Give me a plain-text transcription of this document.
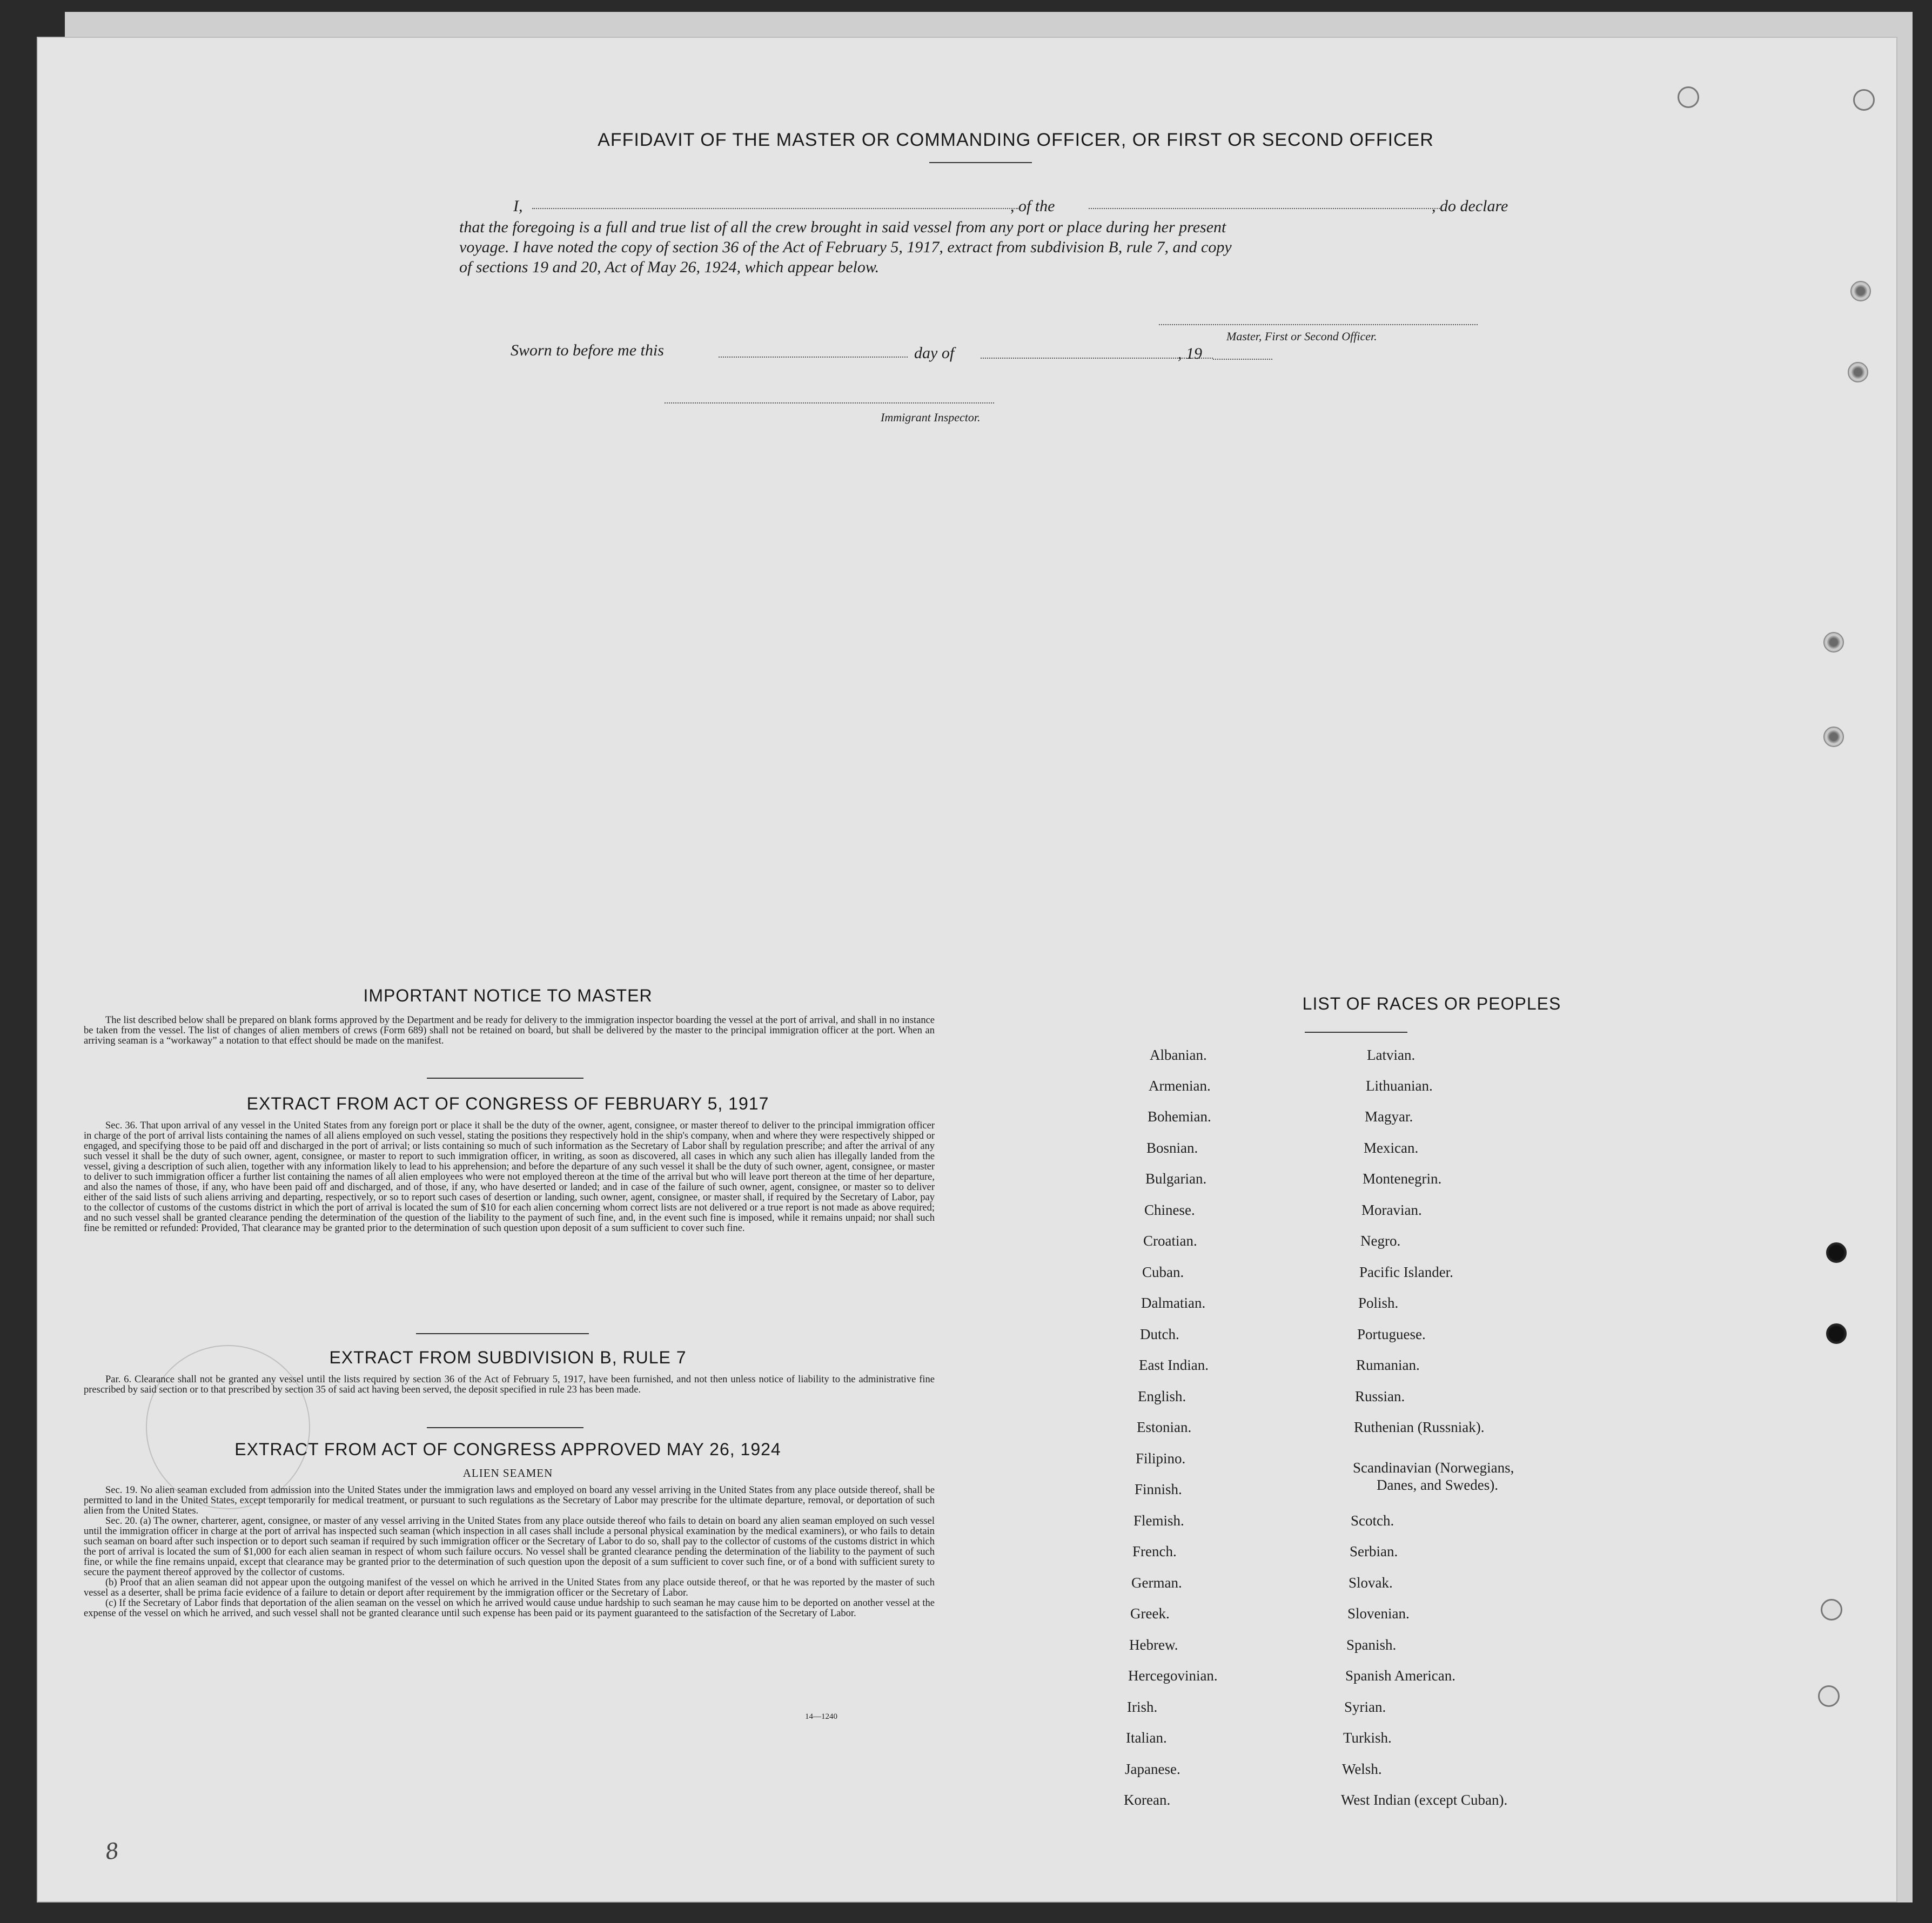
AFFIDAVIT OF THE MASTER OR COMMANDING OFFICER, OR FIRST OR SECOND OFFICER
I,	, of the	, do declare
that the foregoing is a full and true list of all the crew brought in said vessel from any port or place during her present
voyage. I have noted the copy of section 36 of the Act of February 5, 1917, extract from subdivision B, rule 7, and copy
of sections 19 and 20, Act of May 26, 1924, which appear below.
Master, First or Second Officer.
Sworn to before me this	day of	, 19
Immigrant Inspector.
IMPORTANT NOTICE TO MASTER

The list described below shall be prepared on blank forms approved by the Department and be ready for delivery to the immigration inspector boarding the vessel at the port of arrival, and shall in no instance be taken from the vessel. The list of changes of alien members of crews (Form 689) shall not be retained on board, but shall be delivered by the master to the principal immigration officer at the port. When an arriving seaman is a “workaway” a notation to that effect should be made on the manifest.

EXTRACT FROM ACT OF CONGRESS OF FEBRUARY 5, 1917

Sec. 36. That upon arrival of any vessel in the United States from any foreign port or place it shall be the duty of the owner, agent, consignee, or master thereof to deliver to the principal immigration officer in charge of the port of arrival lists containing the names of all aliens employed on such vessel, stating the positions they respectively hold in the ship's company, when and where they were respectively shipped or engaged, and specifying those to be paid off and discharged in the port of arrival; or lists containing so much of such information as the Secretary of Labor shall by regulation prescribe; and after the arrival of any such vessel it shall be the duty of such owner, agent, consignee, or master to report to such immigration officer, in writing, as soon as discovered, all cases in which any such alien has illegally landed from the vessel, giving a description of such alien, together with any information likely to lead to his apprehension; and before the departure of any such vessel it shall be the duty of such owner, agent, consignee, or master to deliver to such immigration officer a further list containing the names of all alien employees who were not employed thereon at the time of the arrival but who will leave port thereon at the time of her departure, and also the names of those, if any, who have been paid off and discharged, and of those, if any, who have deserted or landed; and in case of the failure of such owner, agent, consignee, or master so to deliver either of the said lists of such aliens arriving and departing, respectively, or so to report such cases of desertion or landing, such owner, agent, consignee, or master shall, if required by the Secretary of Labor, pay to the collector of customs of the customs district in which the port of arrival is located the sum of $10 for each alien concerning whom correct lists are not delivered or a true report is not made as above required; and no such vessel shall be granted clearance pending the determination of the question of the liability to the payment of such fine, and, in the event such fine is imposed, while it remains unpaid; nor shall such fine be remitted or refunded: Provided, That clearance may be granted prior to the determination of such question upon deposit of a sum sufficient to cover such fine.

EXTRACT FROM SUBDIVISION B, RULE 7

Par. 6. Clearance shall not be granted any vessel until the lists required by section 36 of the Act of February 5, 1917, have been furnished, and not then unless notice of liability to the administrative fine prescribed by said section or to that prescribed by section 35 of said act having been served, the deposit specified in rule 23 has been made.

EXTRACT FROM ACT OF CONGRESS APPROVED MAY 26, 1924
ALIEN SEAMEN

Sec. 19. No alien seaman excluded from admission into the United States under the immigration laws and employed on board any vessel arriving in the United States from any place outside thereof, shall be permitted to land in the United States, except temporarily for medical treatment, or pursuant to such regulations as the Secretary of Labor may prescribe for the ultimate departure, removal, or deportation of such alien from the United States.

Sec. 20. (a) The owner, charterer, agent, consignee, or master of any vessel arriving in the United States from any place outside thereof who fails to detain on board any alien seaman employed on such vessel until the immigration officer in charge at the port of arrival has inspected such seaman (which inspection in all cases shall include a personal physical examination by the medical examiners), or who fails to detain such seaman on board after such inspection or to deport such seaman if required by such immigration officer or the Secretary of Labor to do so, shall pay to the collector of customs of the customs district in which the port of arrival is located the sum of $1,000 for each alien seaman in respect of whom such failure occurs. No vessel shall be granted clearance pending the determination of the liability to the payment of such fine, or while the fine remains unpaid, except that clearance may be granted prior to the determination of such question upon the deposit of a sum sufficient to cover such fine, or of a bond with sufficient surety to secure the payment thereof approved by the collector of customs.

(b) Proof that an alien seaman did not appear upon the outgoing manifest of the vessel on which he arrived in the United States from any place outside thereof, or that he was reported by the master of such vessel as a deserter, shall be prima facie evidence of a failure to detain or deport after requirement by the immigration officer or the Secretary of Labor.

(c) If the Secretary of Labor finds that deportation of the alien seaman on the vessel on which he arrived would cause undue hardship to such seaman he may cause him to be deported on another vessel at the expense of the vessel on which he arrived, and such vessel shall not be granted clearance until such expense has been paid or its payment guaranteed to the satisfaction of the Secretary of Labor.

14—1240
LIST OF RACES OR PEOPLES
Albanian.
Armenian.
Bohemian.
Bosnian.
Bulgarian.
Chinese.
Croatian.
Cuban.
Dalmatian.
Dutch.
East Indian.
English.
Estonian.
Filipino.
Finnish.
Flemish.
French.
German.
Greek.
Hebrew.
Hercegovinian.
Irish.
Italian.
Japanese.
Korean.
Latvian.
Lithuanian.
Magyar.
Mexican.
Montenegrin.
Moravian.
Negro.
Pacific Islander.
Polish.
Portuguese.
Rumanian.
Russian.
Ruthenian (Russniak).
Scandinavian (Norwegians,
Danes, and Swedes).
Scotch.
Serbian.
Slovak.
Slovenian.
Spanish.
Spanish American.
Syrian.
Turkish.
Welsh.
West Indian (except Cuban).
8
